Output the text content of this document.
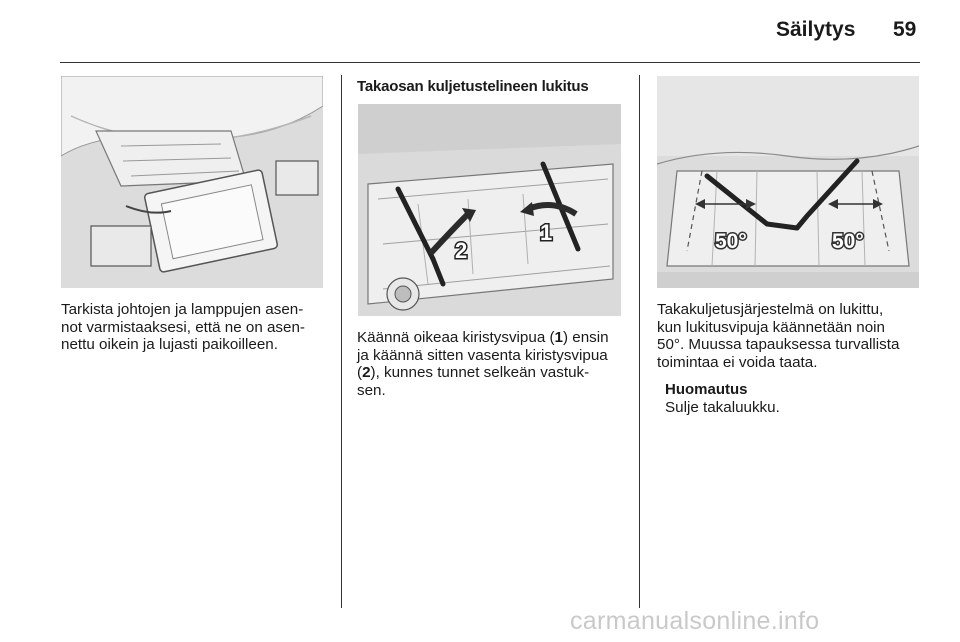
Säilytys 59
Tarkista johtojen ja lamppujen asen-
not varmistaaksesi, että ne on asen-
nettu oikein ja lujasti paikoilleen.
Takaosan kuljetustelineen lukitus
2
1
Käännä oikeaa kiristysvipua (1) ensin
ja käännä sitten vasenta kiristysvipua
(2), kunnes tunnet selkeän vastuk-
sen.
50°	50°
Takakuljetusjärjestelmä on lukittu,
kun lukitusvipuja käännetään noin
50°. Muussa tapauksessa turvallista
toimintaa ei voida taata.
Huomautus
Sulje takaluukku.
carmanualsonline.info
